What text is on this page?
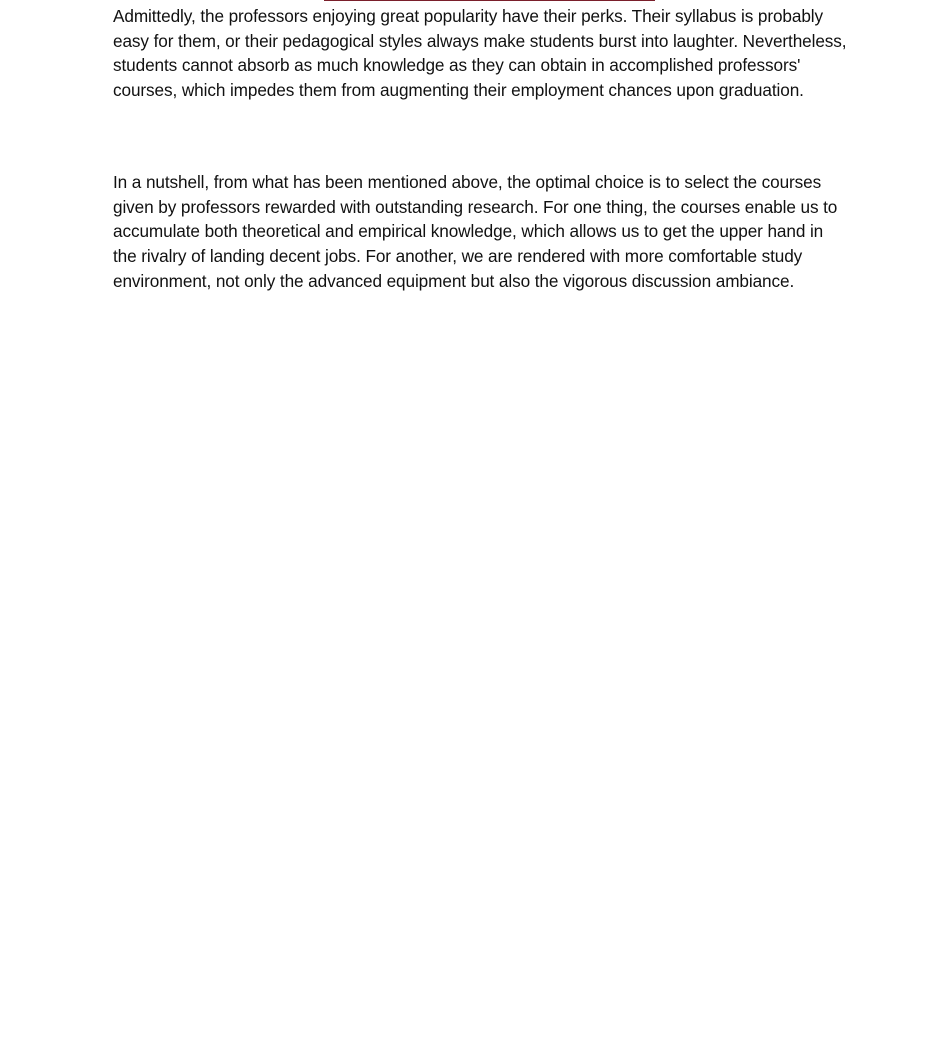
Admittedly, the professors enjoying great popularity have their perks. Their syllabus is probably easy for them, or their pedagogical styles always make students burst into laughter. Nevertheless, students cannot absorb as much knowledge as they can obtain in accomplished professors' courses, which impedes them from augmenting their employment chances upon graduation.

In a nutshell, from what has been mentioned above, the optimal choice is to select the courses given by professors rewarded with outstanding research. For one thing, the courses enable us to accumulate both theoretical and empirical knowledge, which allows us to get the upper hand in the rivalry of landing decent jobs. For another, we are rendered with more comfortable study environment, not only the advanced equipment but also the vigorous discussion ambiance.
